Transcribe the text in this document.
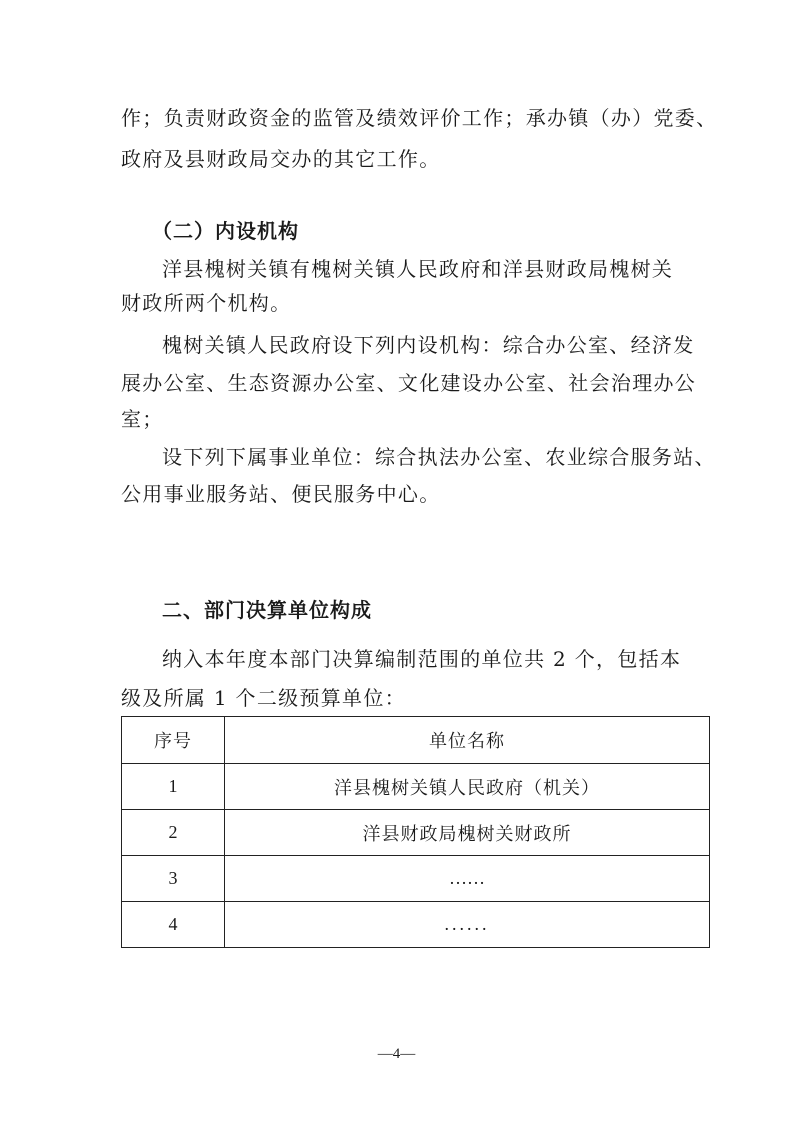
作；负责财政资金的监管及绩效评价工作；承办镇（办）党委、
政府及县财政局交办的其它工作。
（二）内设机构
洋县槐树关镇有槐树关镇人民政府和洋县财政局槐树关
财政所两个机构。
槐树关镇人民政府设下列内设机构：综合办公室、经济发
展办公室、生态资源办公室、文化建设办公室、社会治理办公
室；
设下列下属事业单位：综合执法办公室、农业综合服务站、
公用事业服务站、便民服务中心。
二、部门决算单位构成
纳入本年度本部门决算编制范围的单位共 2 个，包括本
级及所属 1 个二级预算单位：
序号	单位名称
1	洋县槐树关镇人民政府（机关）
2	洋县财政局槐树关财政所
3	……
4	......
—4—
